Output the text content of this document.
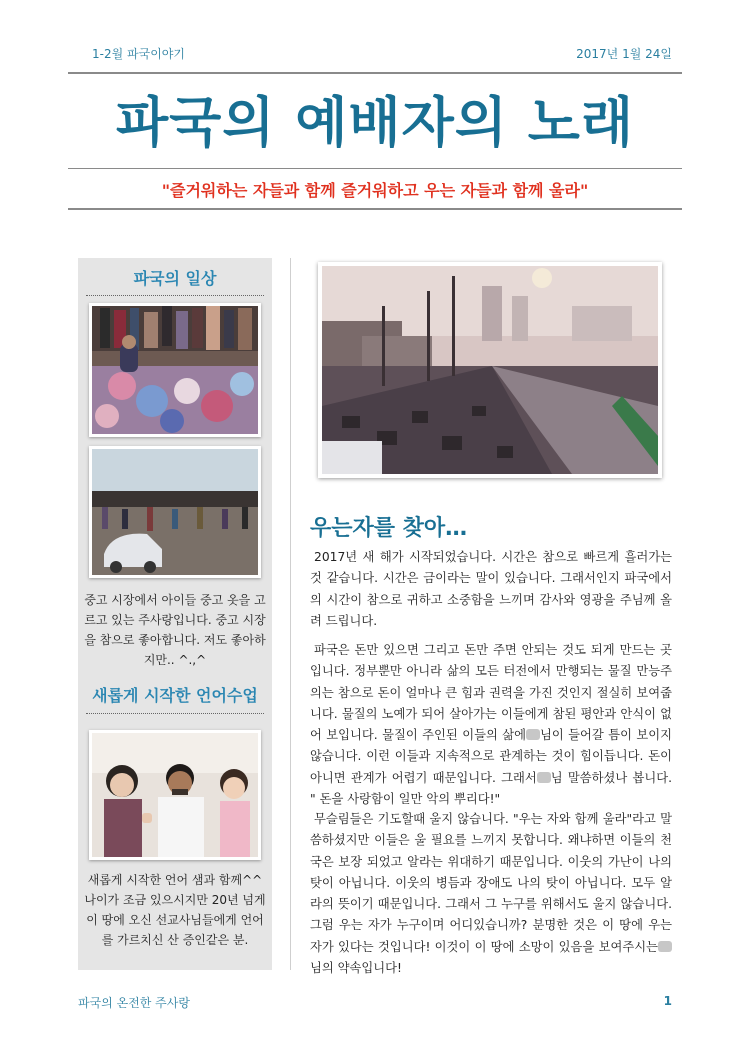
1-2월 파국이야기	2017년 1월 24일
파국의 예배자의 노래
"즐거워하는 자들과 함께 즐거워하고 우는 자들과 함께 울라"
파국의 일상
중고 시장에서 아이들 중고 옷을 고르고 있는 주사랑입니다. 중고 시장을 참으로 좋아합니다. 저도 좋아하지만.. ^.,^
새롭게 시작한 언어수업
새롭게 시작한 언어 샘과 함께^^ 나이가 조금 있으시지만 20년 넘게 이 땅에 오신 선교사님들에게 언어를 가르치신 산 증인같은 분.
우는자를 찾아…
2017년 새 해가 시작되었습니다. 시간은 참으로 빠르게 흘러가는 것 같습니다. 시간은 금이라는 말이 있습니다. 그래서인지 파국에서의 시간이 참으로 귀하고 소중함을 느끼며 감사와 영광을 주님께 올려 드립니다.
파국은 돈만 있으면 그리고 돈만 주면 안되는 것도 되게 만드는 곳입니다. 정부뿐만 아니라 삶의 모든 터전에서 만행되는 물질 만능주의는 참으로 돈이 얼마나 큰 힘과 권력을 가진 것인지 절실히 보여줍니다. 물질의 노예가 되어 살아가는 이들에게 참된 평안과 안식이 없어 보입니다. 물질이 주인된 이들의 삶에 님이 들어갈 틈이 보이지 않습니다. 이런 이들과 지속적으로 관계하는 것이 힘이듭니다. 돈이 아니면 관계가 어렵기 때문입니다. 그래서 님 말씀하셨나 봅니다. " 돈을 사랑함이 일만 악의 뿌리다!"
무슬림들은 기도할때 울지 않습니다. "우는 자와 함께 울라"라고 말씀하셨지만 이들은 울 필요를 느끼지 못합니다. 왜냐하면 이들의 천국은 보장 되었고 알라는 위대하기 때문입니다. 이웃의 가난이 나의 탓이 아닙니다. 이웃의 병듬과 장애도 나의 탓이 아닙니다. 모두 알라의 뜻이기 때문입니다. 그래서 그 누구를 위해서도 울지 않습니다. 그럼 우는 자가 누구이며 어디있습니까? 분명한 것은 이 땅에 우는 자가 있다는 것입니다! 이것이 이 땅에 소망이 있음을 보여주시는님의 약속입니다!
파국의 온전한 주사랑	1
